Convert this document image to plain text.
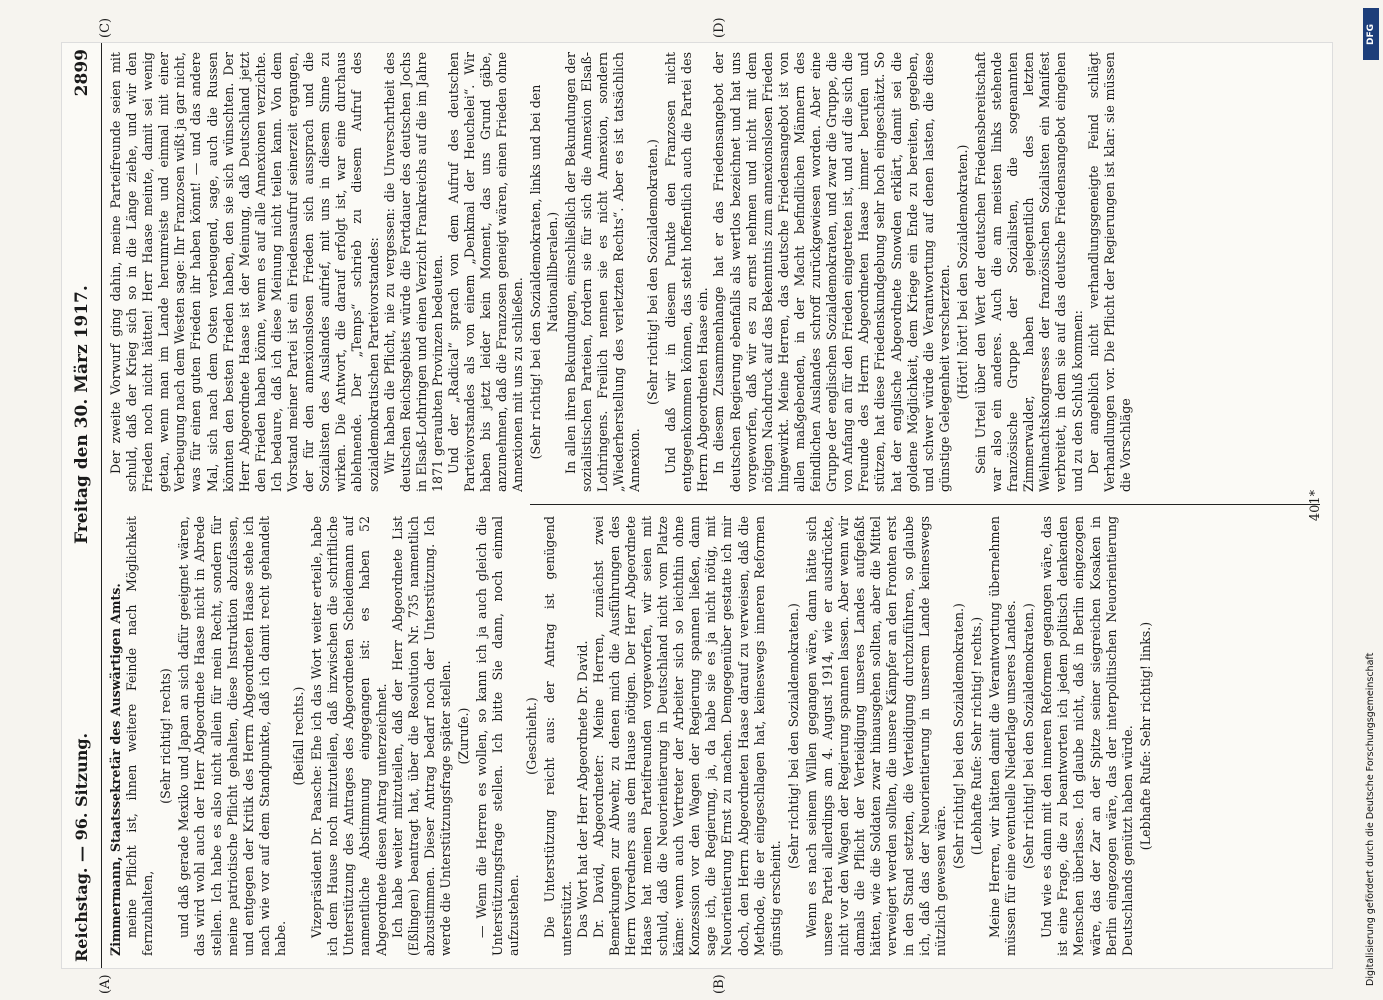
Reichstag. — 96. Sitzung.
Freitag den 30. März 1917.
2899
(A)	(B)
(C)	(D)

Zimmermann, Staatssekretär des Auswärtigen Amts. meine Pflicht ist, ihnen weitere Feinde nach Möglichkeit fernzuhalten,

(Sehr richtig! rechts) und daß gerade Mexiko und Japan an sich dafür geeignet wären, das wird wohl auch der Herr Abgeordnete Haase nicht in Abrede stellen. Ich habe es also nicht allein für mein Recht, sondern für meine patriotische Pflicht gehalten, diese Instruktion abzufassen, und entgegen der Kritik des Herrn Abgeordneten Haase stehe ich nach wie vor auf dem Standpunkte, daß ich damit recht gehandelt habe.

(Beifall rechts.) Vizepräsident Dr. Paasche: Ehe ich das Wort weiter erteile, habe ich dem Hause noch mitzuteilen, daß inzwischen die schriftliche Unterstützung des Antrages des Abgeordneten Scheidemann auf namentliche Abstimmung eingegangen ist: es haben 52 Abgeordnete diesen Antrag unterzeichnet. Ich habe weiter mitzuteilen, daß der Herr Abgeordnete List (Eßlingen) beantragt hat, über die Resolution Nr. 735 namentlich abzustimmen. Dieser Antrag bedarf noch der Unterstützung. Ich werde die Unterstützungsfrage später stellen. (Zurufe.) — Wenn die Herren es wollen, so kann ich ja auch gleich die Unterstützungsfrage stellen. Ich bitte Sie dann, noch einmal aufzustehen.

(Geschieht.) Die Unterstützung reicht aus: der Antrag ist genügend unterstützt. Das Wort hat der Herr Abgeordnete Dr. David. Dr. David, Abgeordneter: Meine Herren, zunächst zwei Bemerkungen zur Abwehr, zu denen mich die Ausführungen des Herrn Vorredners aus dem Hause nötigen. Der Herr Abgeordnete Haase hat meinen Parteifreunden vorgeworfen, wir seien mit schuld, daß die Neuorientierung in Deutschland nicht vom Platze käme: wenn auch Vertreter der Arbeiter sich so leichthin ohne Konzession vor den Wagen der Regierung spannen ließen, dann sage ich, die Regierung, ja, da habe sie es ja nicht nötig, mit Neuorientierung Ernst zu machen. Demgegenüber gestatte ich mir doch, den Herrn Abgeordneten Haase darauf zu verweisen, daß die Methode, die er eingeschlagen hat, keineswegs inneren Reformen günstig erscheint.

(Sehr richtig! bei den Sozialdemokraten.) Wenn es nach seinem Willen gegangen wäre, dann hätte sich unsere Partei allerdings am 4. August 1914, wie er ausdrückte, nicht vor den Wagen der Regierung spannen lassen. Aber wenn wir damals die Pflicht der Verteidigung unseres Landes aufgefaßt hätten, wie die Soldaten zwar hinausgehen sollten, aber die Mittel verweigert werden sollten, die unsere Kämpfer an den Fronten erst in den Stand setzten, die Verteidigung durchzuführen, so glaube ich, daß das der Neuorientierung in unserem Lande keineswegs nützlich gewesen wäre.

(Sehr richtig! bei den Sozialdemokraten.) (Lebhafte Rufe: Sehr richtig! rechts.) Meine Herren, wir hätten damit die Verantwortung übernehmen müssen für eine eventuelle Niederlage unseres Landes. (Sehr richtig! bei den Sozialdemokraten.) Und wie es dann mit den inneren Reformen gegangen wäre, das ist eine Frage, die zu beantworten ich jedem politisch denkenden Menschen überlasse. Ich glaube nicht, daß in Berlin eingezogen wäre, das der Zar an der Spitze seiner siegreichen Kosaken in Berlin eingezogen wäre, das der interpolitischen Neuorientierung Deutschlands genützt haben würde. (Lebhafte Rufe: Sehr richtig! links.)

Der zweite Vorwurf ging dahin, meine Parteifreunde seien mit schuld, daß der Krieg sich so in die Länge ziehe, und wir den Frieden noch nicht hätten! Herr Haase meinte, damit sei wenig getan, wenn man im Lande herumreiste und einmal mit einer Verbeugung nach dem Westen sage: Ihr Franzosen wißt ja gar nicht, was für einen guten Frieden ihr haben könnt! — und das andere Mal, sich nach dem Osten verbeugend, sage, auch die Russen könnten den besten Frieden haben, den sie sich wünschten. Der Herr Abgeordnete Haase ist der Meinung, daß Deutschland jetzt den Frieden haben könne, wenn es auf alle Annexionen verzichte. Ich bedaure, daß ich diese Meinung nicht teilen kann. Von dem Vorstand meiner Partei ist ein Friedensaufruf seinerzeit ergangen, der für den annexionslosen Frieden sich aussprach und die Sozialisten des Auslandes aufrief, mit uns in diesem Sinne zu wirken. Die Antwort, die darauf erfolgt ist, war eine durchaus ablehnende. Der „Temps“ schrieb zu diesem Aufruf des sozialdemokratischen Parteivorstandes: Wir haben die Pflicht, nie zu vergessen: die Unverschrtheit des deutschen Reichsgebiets würde die Fortdauer des deutschen Jochs in Elsaß-Lothringen und einen Verzicht Frankreichs auf die im Jahre 1871 geraubten Provinzen bedeuten. Und der „Radical“ sprach von dem Aufruf des deutschen Parteivorstandes als von einem „Denkmal der Heuchelei“. Wir haben bis jetzt leider kein Moment, das uns Grund gäbe, anzunehmen, daß die Franzosen geneigt wären, einen Frieden ohne Annexionen mit uns zu schließen. (Sehr richtig! bei den Sozialdemokraten, links und bei den Nationalliberalen.) In allen ihren Bekundungen, einschließlich der Bekundungen der sozialistischen Parteien, fordern sie für sich die Annexion Elsaß-Lothringens. Freilich nennen sie es nicht Annexion, sondern „Wiederherstellung des verletzten Rechts“. Aber es ist tatsächlich Annexion.

(Sehr richtig! bei den Sozialdemokraten.) Und daß wir in diesem Punkte den Franzosen nicht entgegenkommen können, das steht hoffentlich auch die Partei des Herrn Abgeordneten Haase ein. In diesem Zusammenhange hat er das Friedensangebot der deutschen Regierung ebenfalls als wertlos bezeichnet und hat uns vorgeworfen, daß wir es zu ernst nehmen und nicht mit dem nötigen Nachdruck auf das Bekenntnis zum annexionslosen Frieden hingewirkt. Meine Herren, das deutsche Friedensangebot ist von allen maßgebenden, in der Macht befindlichen Männern des feindlichen Auslandes schroff zurückgewiesen worden. Aber eine Gruppe der englischen Sozialdemokraten, und zwar die Gruppe, die von Anfang an für den Frieden eingetreten ist, und auf die sich die Freunde des Herrn Abgeordneten Haase immer berufen und stützen, hat diese Friedenskundgebung sehr hoch eingeschätzt. So hat der englische Abgeordnete Snowden erklärt, damit sei die goldene Möglichkeit, dem Kriege ein Ende zu bereiten, gegeben, und schwer würde die Verantwortung auf denen lasten, die diese günstige Gelegenheit verscherzten. (Hört! hört! bei den Sozialdemokraten.) Sein Urteil über den Wert der deutschen Friedensbereitschaft war also ein anderes. Auch die am meisten links stehende französische Gruppe der Sozialisten, die sogenannten Zimmerwalder, haben gelegentlich des letzten Weihnachtskongresses der französischen Sozialisten ein Manifest verbreitet, in dem sie auf das deutsche Friedensangebot eingehen und zu den Schluß kommen: Der angeblich nicht verhandlungsgeneigte Feind schlägt Verhandlungen vor. Die Pflicht der Regierungen ist klar: sie müssen die Vorschläge

401*
DFG
Digitalisierung gefördert durch die Deutsche Forschungsgemeinschaft
